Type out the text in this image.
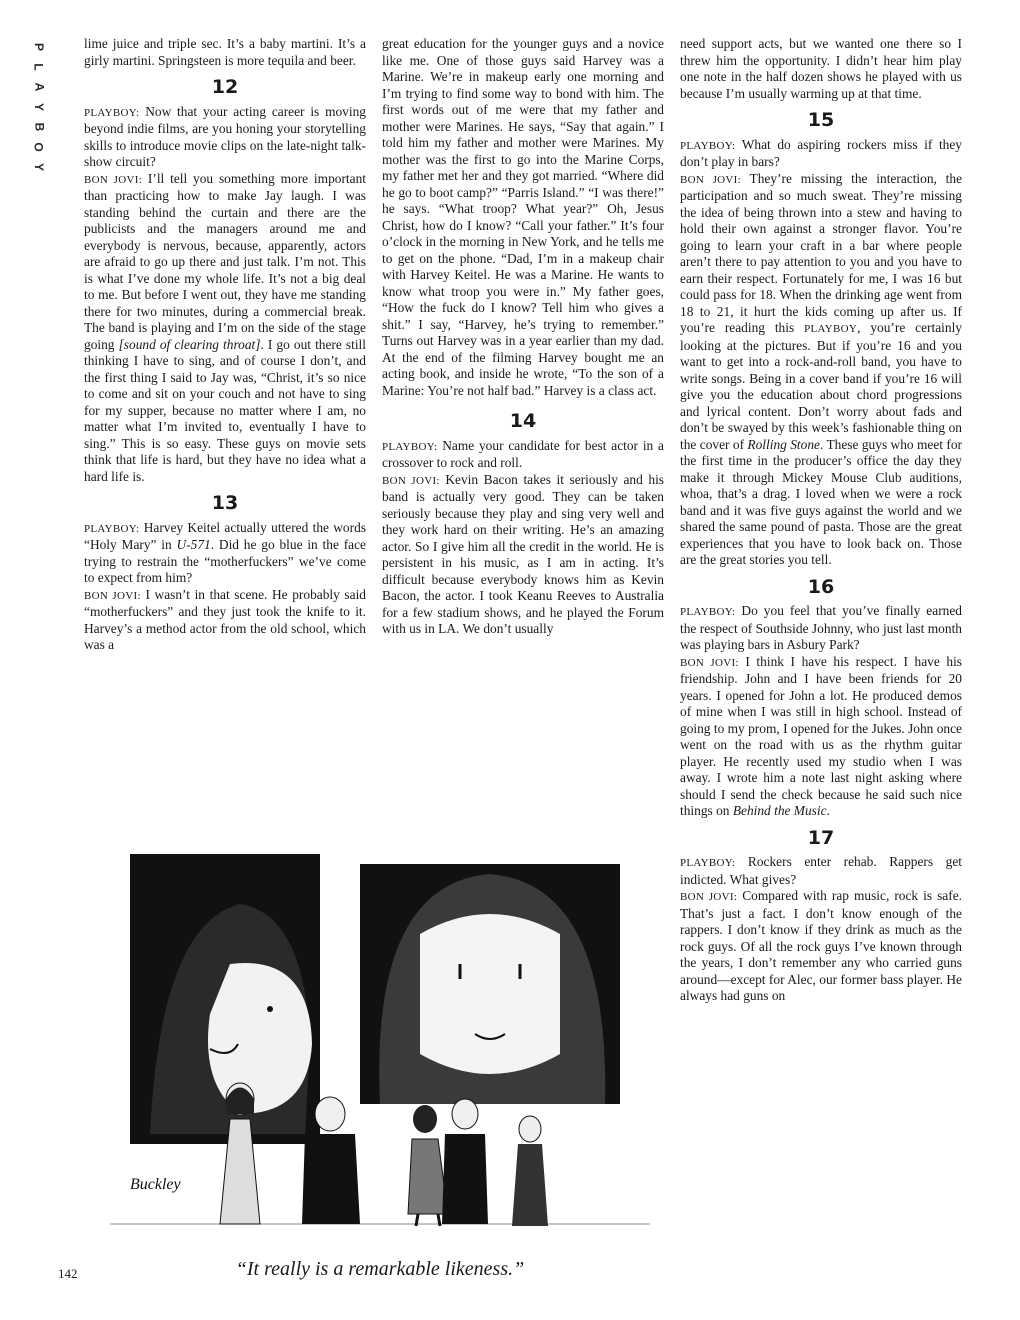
P
L
A
Y
B
O
Y

lime juice and triple sec. It’s a baby martini. It’s a girly martini. Springsteen is more tequila and beer.

12

PLAYBOY: Now that your acting career is moving beyond indie films, are you honing your storytelling skills to introduce movie clips on the late-night talk-show circuit?

BON JOVI: I’ll tell you something more important than practicing how to make Jay laugh. I was standing behind the curtain and there are the publicists and the managers around me and everybody is nervous, because, apparently, actors are afraid to go up there and just talk. I’m not. This is what I’ve done my whole life. It’s not a big deal to me. But before I went out, they have me standing there for two minutes, during a commercial break. The band is playing and I’m on the side of the stage going [sound of clearing throat]. I go out there still thinking I have to sing, and of course I don’t, and the first thing I said to Jay was, “Christ, it’s so nice to come and sit on your couch and not have to sing for my supper, because no matter where I am, no matter what I’m invited to, eventually I have to sing.” This is so easy. These guys on movie sets think that life is hard, but they have no idea what a hard life is.

13

PLAYBOY: Harvey Keitel actually uttered the words “Holy Mary” in U-571. Did he go blue in the face trying to restrain the “motherfuckers” we’ve come to expect from him?

BON JOVI: I wasn’t in that scene. He probably said “motherfuckers” and they just took the knife to it. Harvey’s a method actor from the old school, which was a

great education for the younger guys and a novice like me. One of those guys said Harvey was a Marine. We’re in makeup early one morning and I’m trying to find some way to bond with him. The first words out of me were that my father and mother were Marines. He says, “Say that again.” I told him my father and mother were Marines. My mother was the first to go into the Marine Corps, my father met her and they got married. “Where did he go to boot camp?” “Parris Island.” “I was there!” he says. “What troop? What year?” Oh, Jesus Christ, how do I know? “Call your father.” It’s four o’clock in the morning in New York, and he tells me to get on the phone. “Dad, I’m in a makeup chair with Harvey Keitel. He was a Marine. He wants to know what troop you were in.” My father goes, “How the fuck do I know? Tell him who gives a shit.” I say, “Harvey, he’s trying to remember.” Turns out Harvey was in a year earlier than my dad. At the end of the filming Harvey bought me an acting book, and inside he wrote, “To the son of a Marine: You’re not half bad.” Harvey is a class act.

14

PLAYBOY: Name your candidate for best actor in a crossover to rock and roll.

BON JOVI: Kevin Bacon takes it seriously and his band is actually very good. They can be taken seriously because they play and sing very well and they work hard on their writing. He’s an amazing actor. So I give him all the credit in the world. He is persistent in his music, as I am in acting. It’s difficult because everybody knows him as Kevin Bacon, the actor. I took Keanu Reeves to Australia for a few stadium shows, and he played the Forum with us in LA. We don’t usually

need support acts, but we wanted one there so I threw him the opportunity. I didn’t hear him play one note in the half dozen shows he played with us because I’m usually warming up at that time.

15

PLAYBOY: What do aspiring rockers miss if they don’t play in bars?

BON JOVI: They’re missing the interaction, the participation and so much sweat. They’re missing the idea of being thrown into a stew and having to hold their own against a stronger flavor. You’re going to learn your craft in a bar where people aren’t there to pay attention to you and you have to earn their respect. Fortunately for me, I was 16 but could pass for 18. When the drinking age went from 18 to 21, it hurt the kids coming up after us. If you’re reading this PLAYBOY, you’re certainly looking at the pictures. But if you’re 16 and you want to get into a rock-and-roll band, you have to write songs. Being in a cover band if you’re 16 will give you the education about chord progressions and lyrical content. Don’t worry about fads and don’t be swayed by this week’s fashionable thing on the cover of Rolling Stone. These guys who meet for the first time in the producer’s office the day they make it through Mickey Mouse Club auditions, whoa, that’s a drag. I loved when we were a rock band and it was five guys against the world and we shared the same pound of pasta. Those are the great experiences that you have to look back on. Those are the great stories you tell.

16

PLAYBOY: Do you feel that you’ve finally earned the respect of Southside Johnny, who just last month was playing bars in Asbury Park?

BON JOVI: I think I have his respect. I have his friendship. John and I have been friends for 20 years. I opened for John a lot. He produced demos of mine when I was still in high school. Instead of going to my prom, I opened for the Jukes. John once went on the road with us as the rhythm guitar player. He recently used my studio when I was away. I wrote him a note last night asking where should I send the check because he said such nice things on Behind the Music.

17

PLAYBOY: Rockers enter rehab. Rappers get indicted. What gives?

BON JOVI: Compared with rap music, rock is safe. That’s just a fact. I don’t know enough of the rappers. I don’t know if they drink as much as the rock guys. Of all the rock guys I’ve known through the years, I don’t remember any who carried guns around—except for Alec, our former bass player. He always had guns on

Buckley
“It really is a remarkable likeness.”
142
